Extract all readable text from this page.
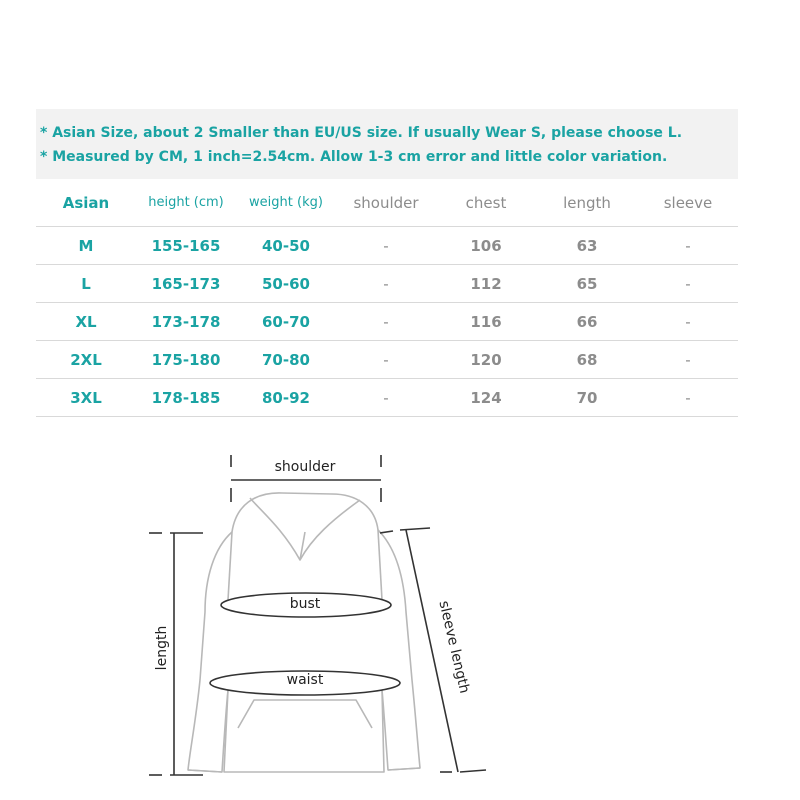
* Asian Size, about 2 Smaller than EU/US size. If usually Wear S, please choose L.
* Measured by CM, 1 inch=2.54cm. Allow 1-3 cm error and little color variation.
Asian	height (cm)	weight (kg)	shoulder	chest	length	sleeve
M	155-165	40-50	-	106	63	-
L	165-173	50-60	-	112	65	-
XL	173-178	60-70	-	116	66	-
2XL	175-180	70-80	-	120	68	-
3XL	178-185	80-92	-	124	70	-
shoulder
bust
waist
length	sleeve length
